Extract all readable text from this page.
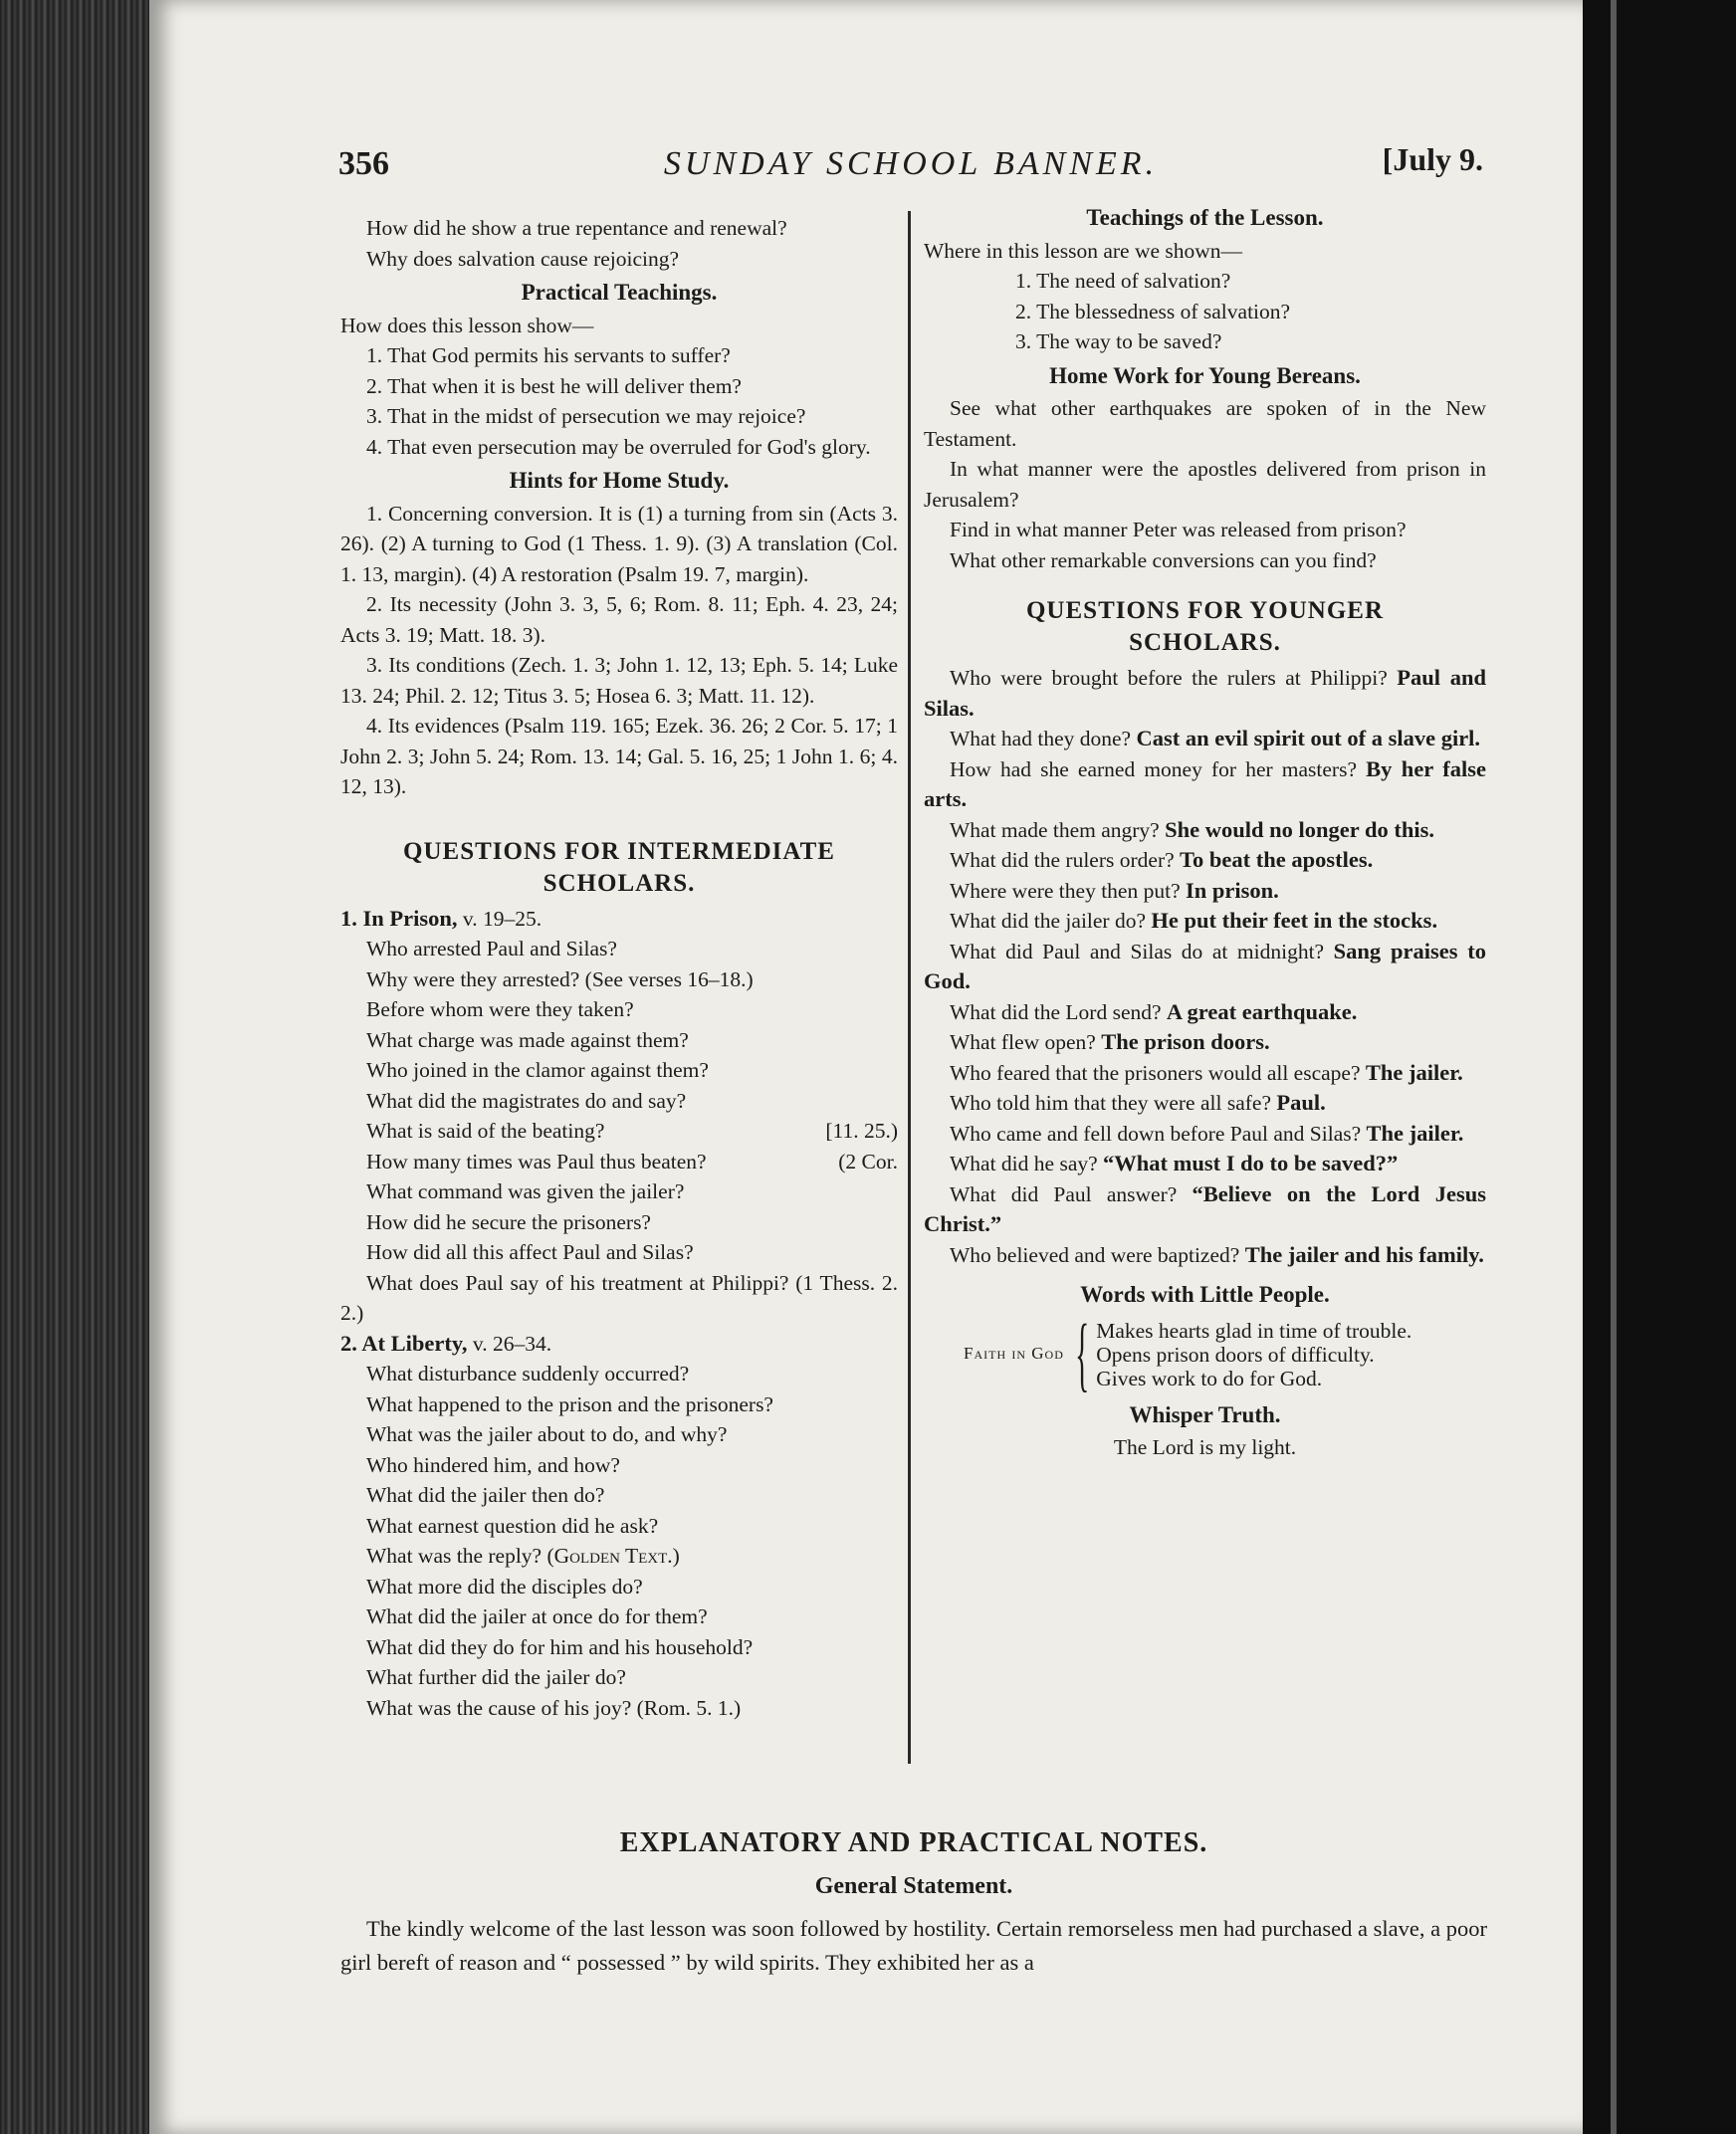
356	SUNDAY SCHOOL BANNER.	[July 9.

How did he show a true repentance and renewal?

Why does salvation cause rejoicing?

Practical Teachings.

How does this lesson show—

1. That God permits his servants to suffer?

2. That when it is best he will deliver them?

3. That in the midst of persecution we may rejoice?

4. That even persecution may be overruled for God's glory.

Hints for Home Study.

1. Concerning conversion. It is (1) a turning from sin (Acts 3. 26). (2) A turning to God (1 Thess. 1. 9). (3) A translation (Col. 1. 13, margin). (4) A restoration (Psalm 19. 7, margin).

2. Its necessity (John 3. 3, 5, 6; Rom. 8. 11; Eph. 4. 23, 24; Acts 3. 19; Matt. 18. 3).

3. Its conditions (Zech. 1. 3; John 1. 12, 13; Eph. 5. 14; Luke 13. 24; Phil. 2. 12; Titus 3. 5; Hosea 6. 3; Matt. 11. 12).

4. Its evidences (Psalm 119. 165; Ezek. 36. 26; 2 Cor. 5. 17; 1 John 2. 3; John 5. 24; Rom. 13. 14; Gal. 5. 16, 25; 1 John 1. 6; 4. 12, 13).

QUESTIONS FOR INTERMEDIATE SCHOLARS.

1. In Prison, v. 19–25.

Who arrested Paul and Silas?

Why were they arrested? (See verses 16–18.)

Before whom were they taken?

What charge was made against them?

Who joined in the clamor against them?

What did the magistrates do and say?

What is said of the beating?	[11. 25.)

How many times was Paul thus beaten?	(2 Cor.

What command was given the jailer?

How did he secure the prisoners?

How did all this affect Paul and Silas?

What does Paul say of his treatment at Philippi? (1 Thess. 2. 2.)

2. At Liberty, v. 26–34.

What disturbance suddenly occurred?

What happened to the prison and the prisoners?

What was the jailer about to do, and why?

Who hindered him, and how?

What did the jailer then do?

What earnest question did he ask?

What was the reply? (Golden Text.)

What more did the disciples do?

What did the jailer at once do for them?

What did they do for him and his household?

What further did the jailer do?

What was the cause of his joy? (Rom. 5. 1.)

Teachings of the Lesson.

Where in this lesson are we shown—

1. The need of salvation?

2. The blessedness of salvation?

3. The way to be saved?

Home Work for Young Bereans.

See what other earthquakes are spoken of in the New Testament.

In what manner were the apostles delivered from prison in Jerusalem?

Find in what manner Peter was released from prison?

What other remarkable conversions can you find?

QUESTIONS FOR YOUNGER SCHOLARS.

Who were brought before the rulers at Philippi? Paul and Silas.

What had they done? Cast an evil spirit out of a slave girl.

How had she earned money for her masters? By her false arts.

What made them angry? She would no longer do this.

What did the rulers order? To beat the apostles.

Where were they then put? In prison.

What did the jailer do? He put their feet in the stocks.

What did Paul and Silas do at midnight? Sang praises to God.

What did the Lord send? A great earthquake.

What flew open? The prison doors.

Who feared that the prisoners would all escape? The jailer.

Who told him that they were all safe? Paul.

Who came and fell down before Paul and Silas? The jailer.

What did he say? “What must I do to be saved?”

What did Paul answer? “Believe on the Lord Jesus Christ.”

Who believed and were baptized? The jailer and his family.

Words with Little People.
Faith in God { Makes hearts glad in time of trouble.
Opens prison doors of difficulty.
Gives work to do for God.
Whisper Truth.

The Lord is my light.

EXPLANATORY AND PRACTICAL NOTES.
General Statement.
The kindly welcome of the last lesson was soon followed by hostility. Certain remorseless men had purchased a slave, a poor girl bereft of reason and “ possessed ” by wild spirits. They exhibited her as a
